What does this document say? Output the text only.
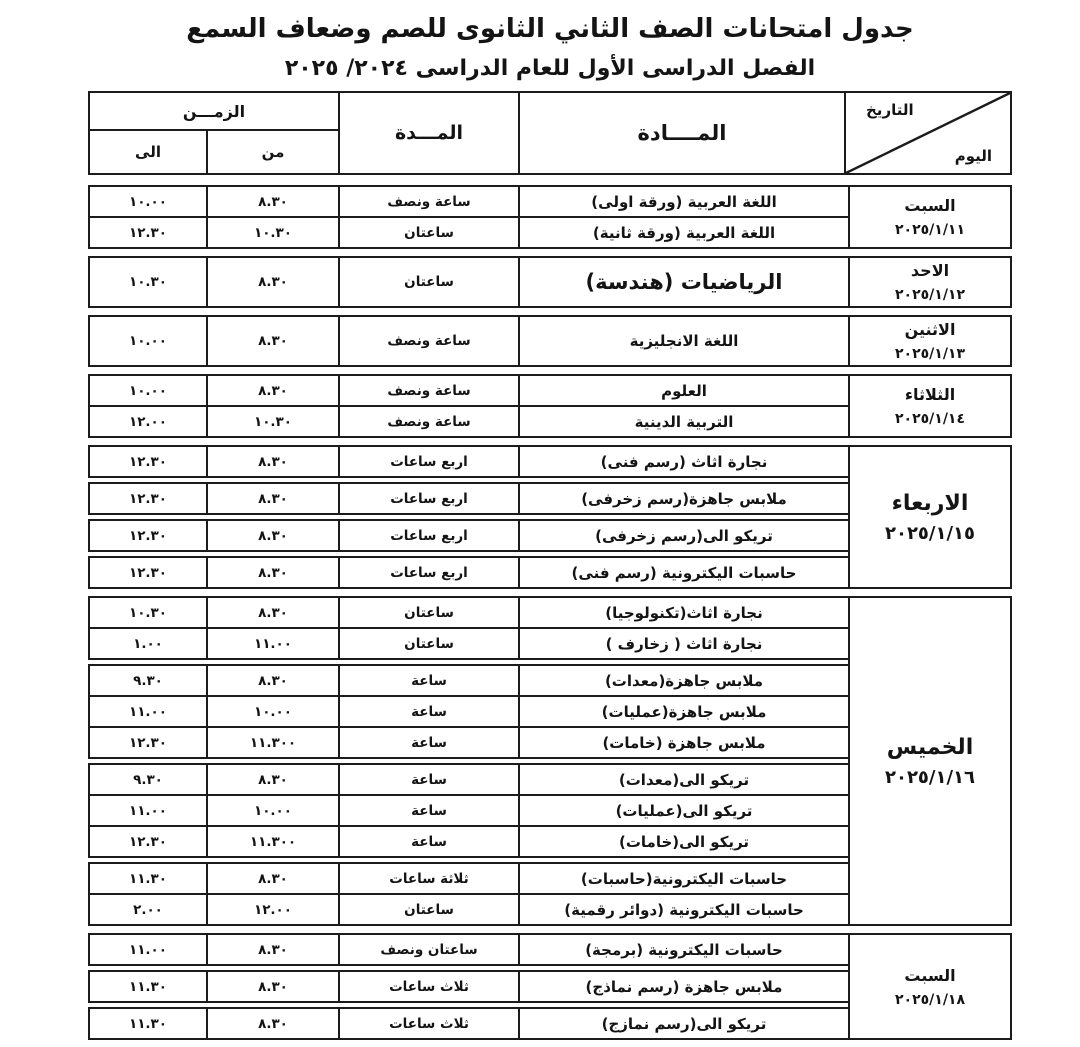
جدول امتحانات الصف الثاني الثانوى للصم وضعاف السمع
الفصل الدراسى الأول للعام الدراسى ٢٠٢٤/ ٢٠٢٥
التاريخ
اليوم
المــــادة
المـــدة
الزمـــن
من
الى
السبت
٢٠٢٥/١/١١
اللغة العربية (ورقة اولى)
ساعة ونصف
٨.٣٠
١٠.٠٠
اللغة العربية (ورقة ثانية)
ساعتان
١٠.٣٠
١٢.٣٠
الاحد
٢٠٢٥/١/١٢
الرياضيات (هندسة)
ساعتان
٨.٣٠
١٠.٣٠
الاثنين
٢٠٢٥/١/١٣
اللغة الانجليزية
ساعة ونصف
٨.٣٠
١٠.٠٠
الثلاثاء
٢٠٢٥/١/١٤
العلوم
ساعة ونصف
٨.٣٠
١٠.٠٠
التربية الدينية
ساعة ونصف
١٠.٣٠
١٢.٠٠
الاربعاء
٢٠٢٥/١/١٥
نجارة اثاث (رسم فنى)
اربع ساعات
٨.٣٠
١٢.٣٠
ملابس جاهزة(رسم زخرفى)
اربع ساعات
٨.٣٠
١٢.٣٠
تريكو الى(رسم زخرفى)
اربع ساعات
٨.٣٠
١٢.٣٠
حاسبات اليكترونية (رسم فنى)
اربع ساعات
٨.٣٠
١٢.٣٠
الخميس
٢٠٢٥/١/١٦
نجارة اثاث(تكنولوجيا)
ساعتان
٨.٣٠
١٠.٣٠
نجارة اثاث ( زخارف )
ساعتان
١١.٠٠
١.٠٠
ملابس جاهزة(معدات)
ساعة
٨.٣٠
٩.٣٠
ملابس جاهزة(عمليات)
ساعة
١٠.٠٠
١١.٠٠
ملابس جاهزة (خامات)
ساعة
١١.٣٠٠
١٢.٣٠
تريكو الى(معدات)
ساعة
٨.٣٠
٩.٣٠
تريكو الى(عمليات)
ساعة
١٠.٠٠
١١.٠٠
تريكو الى(خامات)
ساعة
١١.٣٠٠
١٢.٣٠
حاسبات اليكترونية(حاسبات)
ثلاثة ساعات
٨.٣٠
١١.٣٠
حاسبات اليكترونية (دوائر رقمية)
ساعتان
١٢.٠٠
٢.٠٠
السبت
٢٠٢٥/١/١٨
حاسبات اليكترونية (برمجة)
ساعتان ونصف
٨.٣٠
١١.٠٠
ملابس جاهزة (رسم نماذج)
ثلاث ساعات
٨.٣٠
١١.٣٠
تريكو الى(رسم نمازج)
ثلاث ساعات
٨.٣٠
١١.٣٠
